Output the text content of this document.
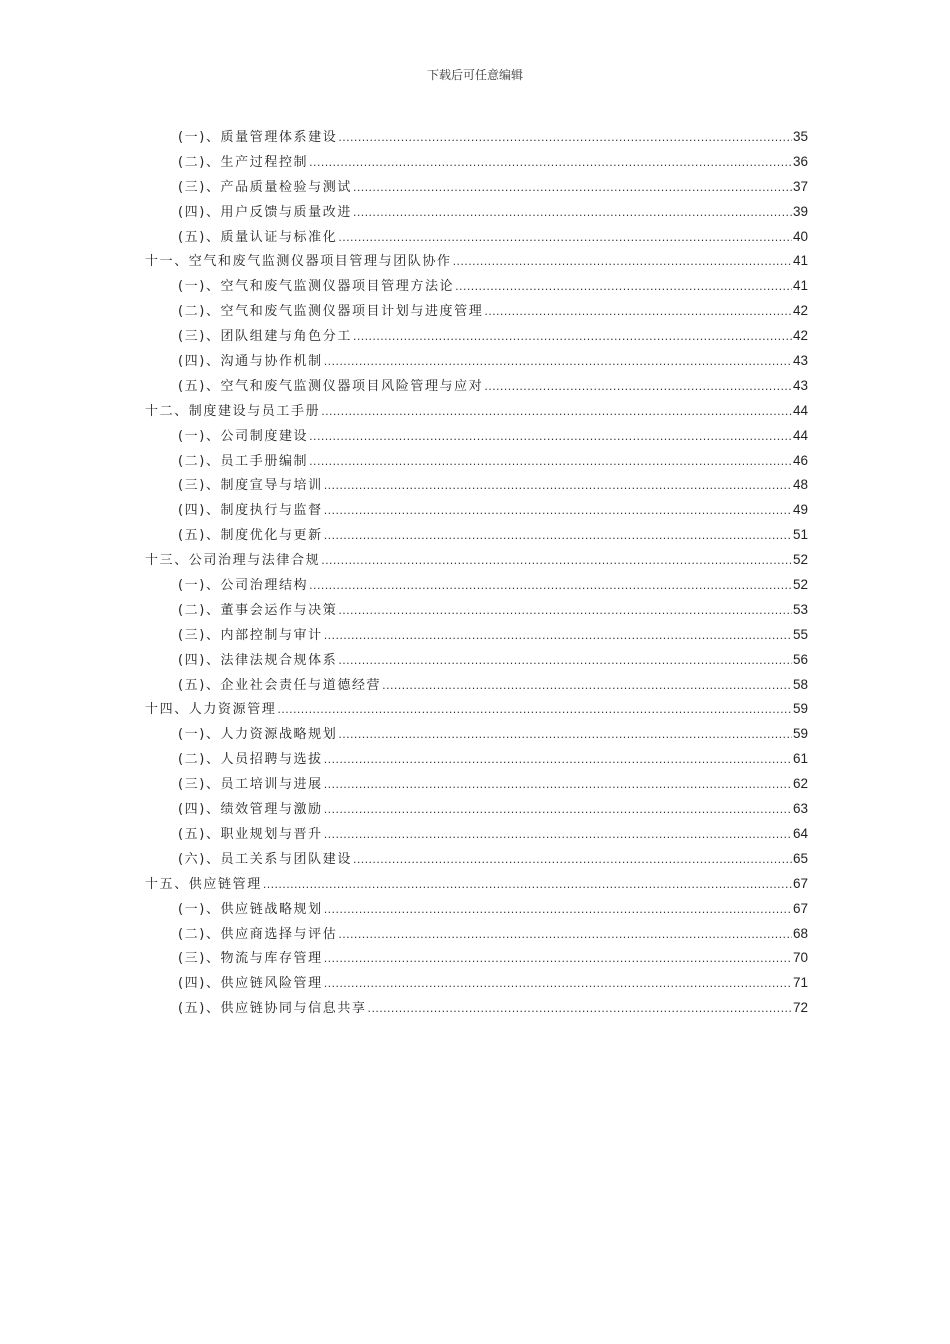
下载后可任意编辑
(一)、质量管理体系建设 .....	35
(二)、生产过程控制 .....	36
(三)、产品质量检验与测试 .....	37
(四)、用户反馈与质量改进 .....	39
(五)、质量认证与标准化 .....	40
十一、空气和废气监测仪器项目管理与团队协作 .....	41
(一)、空气和废气监测仪器项目管理方法论 .....	41
(二)、空气和废气监测仪器项目计划与进度管理 .....	42
(三)、团队组建与角色分工 .....	42
(四)、沟通与协作机制 .....	43
(五)、空气和废气监测仪器项目风险管理与应对 .....	43
十二、制度建设与员工手册 .....	44
(一)、公司制度建设 .....	44
(二)、员工手册编制 .....	46
(三)、制度宣导与培训 .....	48
(四)、制度执行与监督 .....	49
(五)、制度优化与更新 .....	51
十三、公司治理与法律合规 .....	52
(一)、公司治理结构 .....	52
(二)、董事会运作与决策 .....	53
(三)、内部控制与审计 .....	55
(四)、法律法规合规体系 .....	56
(五)、企业社会责任与道德经营 .....	58
十四、人力资源管理 .....	59
(一)、人力资源战略规划 .....	59
(二)、人员招聘与选拔 .....	61
(三)、员工培训与进展 .....	62
(四)、绩效管理与激励 .....	63
(五)、职业规划与晋升 .....	64
(六)、员工关系与团队建设 .....	65
十五、供应链管理 .....	67
(一)、供应链战略规划 .....	67
(二)、供应商选择与评估 .....	68
(三)、物流与库存管理 .....	70
(四)、供应链风险管理 .....	71
(五)、供应链协同与信息共享 .....	72
